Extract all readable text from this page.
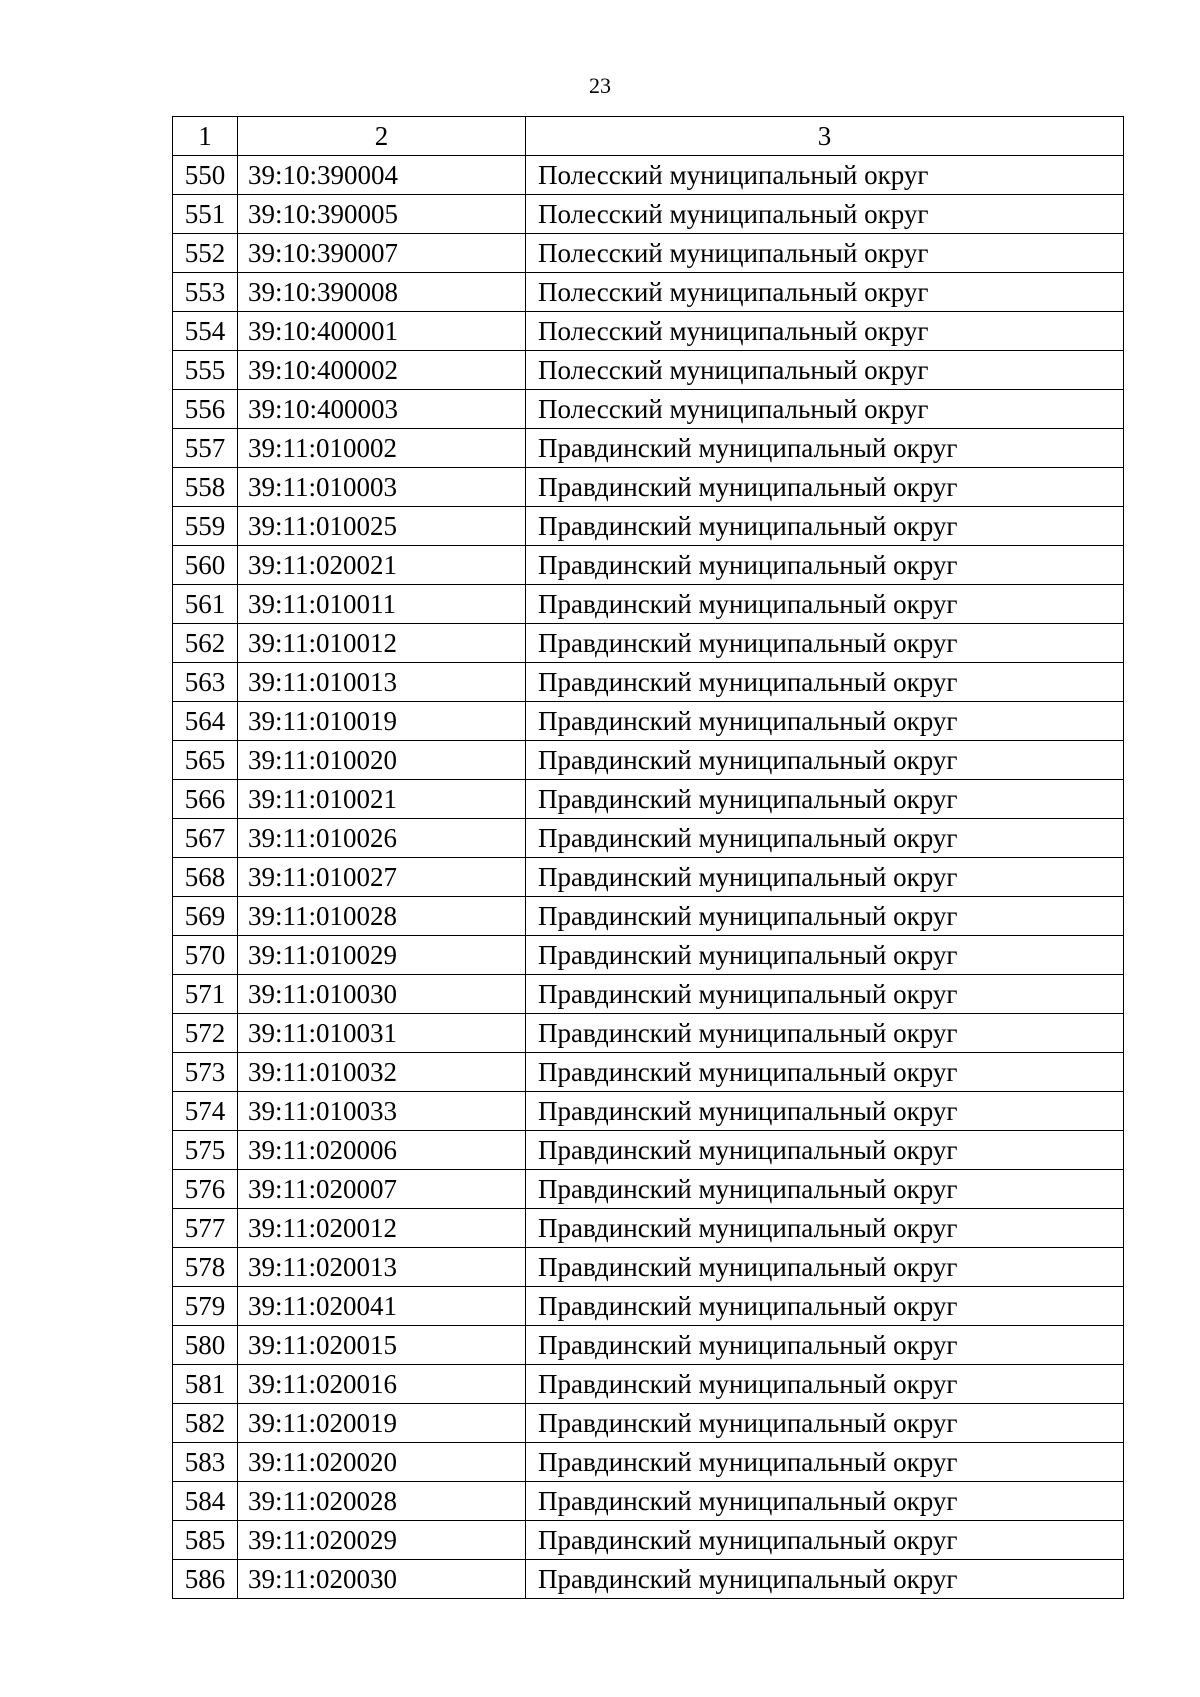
23
1	2	3
550	39:10:390004	Полесский муниципальный округ
551	39:10:390005	Полесский муниципальный округ
552	39:10:390007	Полесский муниципальный округ
553	39:10:390008	Полесский муниципальный округ
554	39:10:400001	Полесский муниципальный округ
555	39:10:400002	Полесский муниципальный округ
556	39:10:400003	Полесский муниципальный округ
557	39:11:010002	Правдинский муниципальный округ
558	39:11:010003	Правдинский муниципальный округ
559	39:11:010025	Правдинский муниципальный округ
560	39:11:020021	Правдинский муниципальный округ
561	39:11:010011	Правдинский муниципальный округ
562	39:11:010012	Правдинский муниципальный округ
563	39:11:010013	Правдинский муниципальный округ
564	39:11:010019	Правдинский муниципальный округ
565	39:11:010020	Правдинский муниципальный округ
566	39:11:010021	Правдинский муниципальный округ
567	39:11:010026	Правдинский муниципальный округ
568	39:11:010027	Правдинский муниципальный округ
569	39:11:010028	Правдинский муниципальный округ
570	39:11:010029	Правдинский муниципальный округ
571	39:11:010030	Правдинский муниципальный округ
572	39:11:010031	Правдинский муниципальный округ
573	39:11:010032	Правдинский муниципальный округ
574	39:11:010033	Правдинский муниципальный округ
575	39:11:020006	Правдинский муниципальный округ
576	39:11:020007	Правдинский муниципальный округ
577	39:11:020012	Правдинский муниципальный округ
578	39:11:020013	Правдинский муниципальный округ
579	39:11:020041	Правдинский муниципальный округ
580	39:11:020015	Правдинский муниципальный округ
581	39:11:020016	Правдинский муниципальный округ
582	39:11:020019	Правдинский муниципальный округ
583	39:11:020020	Правдинский муниципальный округ
584	39:11:020028	Правдинский муниципальный округ
585	39:11:020029	Правдинский муниципальный округ
586	39:11:020030	Правдинский муниципальный округ
